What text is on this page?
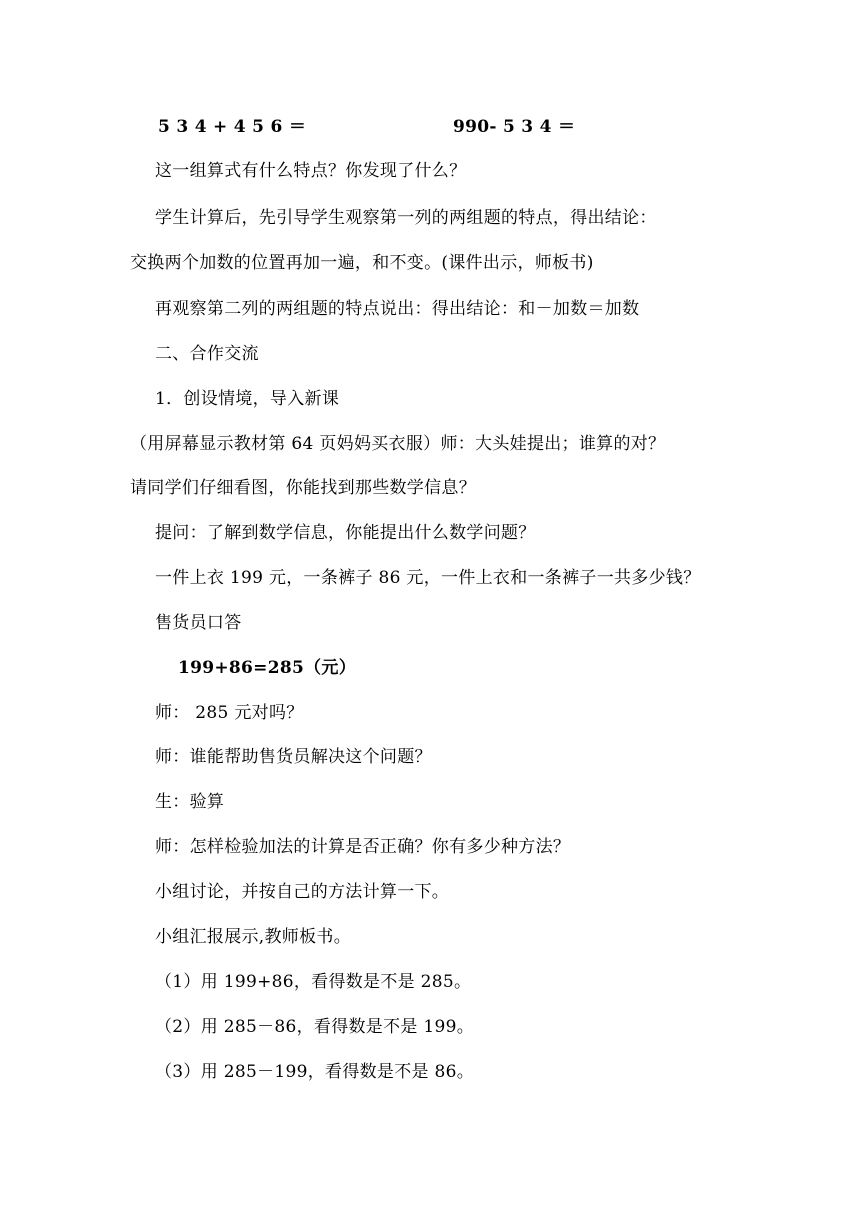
5 3 4 + 4 5 6 ＝	990- 5 3 4 ＝
这一组算式有什么特点？你发现了什么？
学生计算后，先引导学生观察第一列的两组题的特点，得出结论：
交换两个加数的位置再加一遍，和不变。(课件出示，师板书)
再观察第二列的两组题的特点说出：得出结论：和－加数＝加数
二、合作交流
1．创设情境，导入新课
（用屏幕显示教材第 64 页妈妈买衣服）师：大头娃提出；谁算的对？
请同学们仔细看图，你能找到那些数学信息？
提问：了解到数学信息，你能提出什么数学问题？
一件上衣 199 元，一条裤子 86 元，一件上衣和一条裤子一共多少钱？
售货员口答
199+86=285（元）
师： 285 元对吗？
师：谁能帮助售货员解决这个问题？
生：验算
师：怎样检验加法的计算是否正确？你有多少种方法？
小组讨论，并按自己的方法计算一下。
小组汇报展示,教师板书。
（1）用 199+86，看得数是不是 285。
（2）用 285－86，看得数是不是 199。
（3）用 285－199，看得数是不是 86。
